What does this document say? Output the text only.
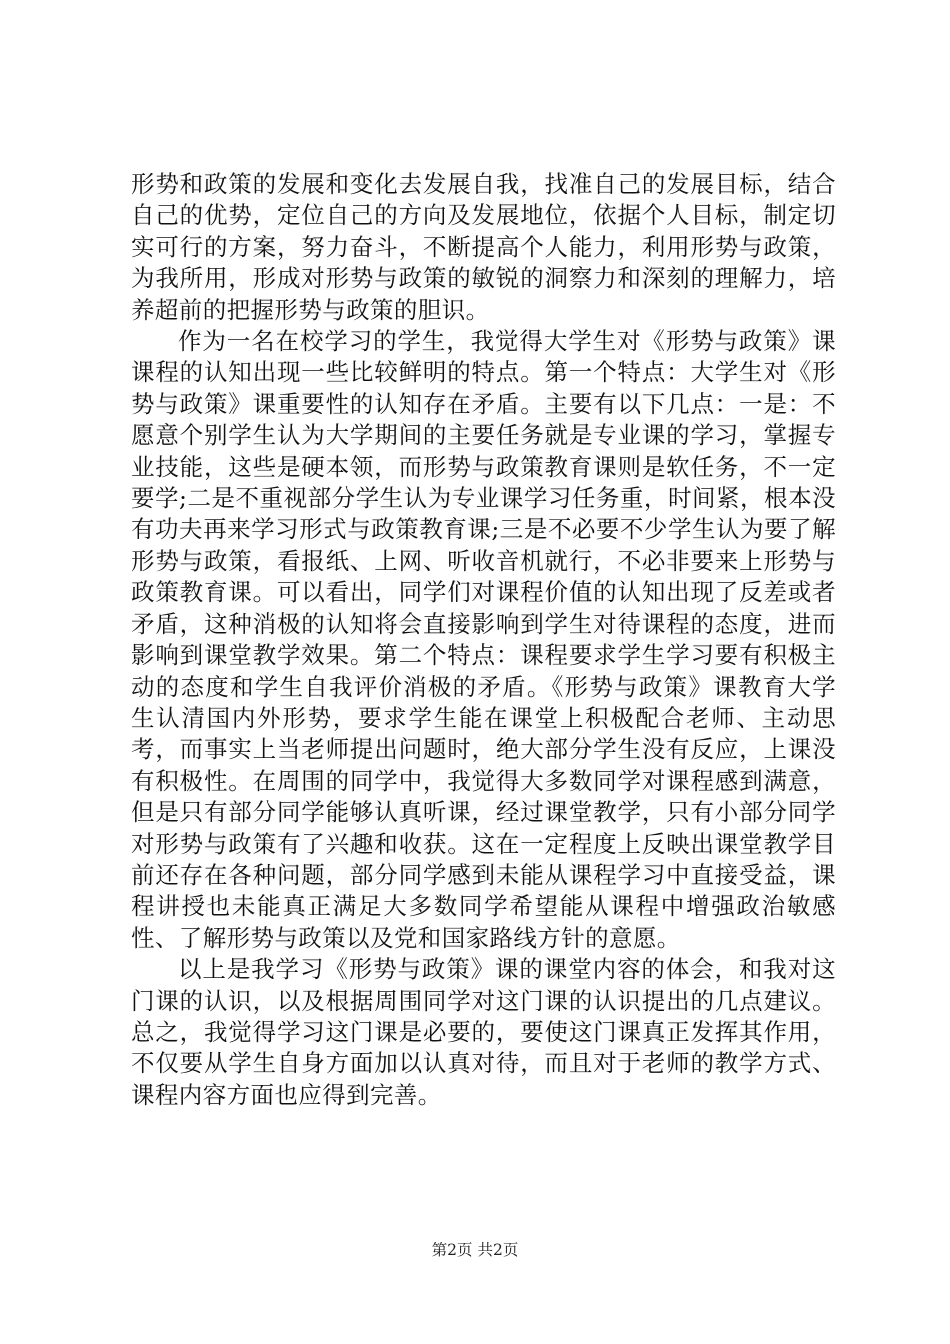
形势和政策的发展和变化去发展自我，找准自己的发展目标，结合自己的优势，定位自己的方向及发展地位，依据个人目标，制定切实可行的方案，努力奋斗，不断提高个人能力，利用形势与政策，为我所用，形成对形势与政策的敏锐的洞察力和深刻的理解力，培养超前的把握形势与政策的胆识。

作为一名在校学习的学生，我觉得大学生对《形势与政策》课课程的认知出现一些比较鲜明的特点。第一个特点：大学生对《形势与政策》课重要性的认知存在矛盾。主要有以下几点：一是：不愿意个别学生认为大学期间的主要任务就是专业课的学习，掌握专业技能，这些是硬本领，而形势与政策教育课则是软任务，不一定要学;二是不重视部分学生认为专业课学习任务重，时间紧，根本没有功夫再来学习形式与政策教育课;三是不必要不少学生认为要了解形势与政策，看报纸、上网、听收音机就行，不必非要来上形势与政策教育课。可以看出，同学们对课程价值的认知出现了反差或者矛盾，这种消极的认知将会直接影响到学生对待课程的态度，进而影响到课堂教学效果。第二个特点：课程要求学生学习要有积极主动的态度和学生自我评价消极的矛盾。《形势与政策》课教育大学生认清国内外形势，要求学生能在课堂上积极配合老师、主动思考，而事实上当老师提出问题时，绝大部分学生没有反应，上课没有积极性。在周围的同学中，我觉得大多数同学对课程感到满意，但是只有部分同学能够认真听课，经过课堂教学，只有小部分同学对形势与政策有了兴趣和收获。这在一定程度上反映出课堂教学目前还存在各种问题，部分同学感到未能从课程学习中直接受益，课程讲授也未能真正满足大多数同学希望能从课程中增强政治敏感性、了解形势与政策以及党和国家路线方针的意愿。

以上是我学习《形势与政策》课的课堂内容的体会，和我对这门课的认识，以及根据周围同学对这门课的认识提出的几点建议。总之，我觉得学习这门课是必要的，要使这门课真正发挥其作用，不仅要从学生自身方面加以认真对待，而且对于老师的教学方式、课程内容方面也应得到完善。

第2页 共2页
